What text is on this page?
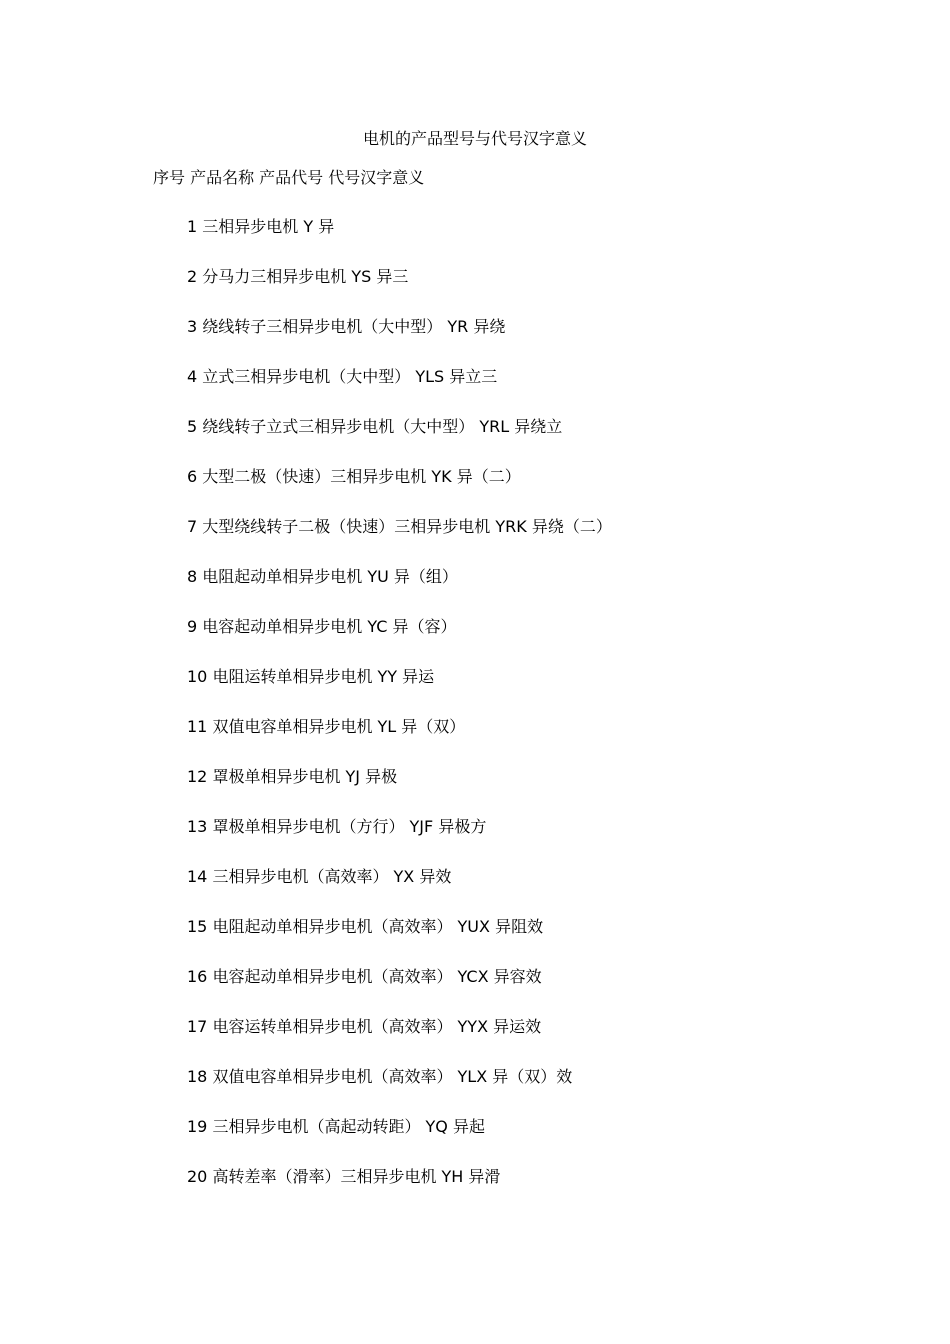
电机的产品型号与代号汉字意义
序号 产品名称 产品代号 代号汉字意义
1 三相异步电机 Y 异
2 分马力三相异步电机 YS 异三
3 绕线转子三相异步电机（大中型） YR 异绕
4 立式三相异步电机（大中型） YLS 异立三
5 绕线转子立式三相异步电机（大中型） YRL 异绕立
6 大型二极（快速）三相异步电机 YK 异（二）
7 大型绕线转子二极（快速）三相异步电机 YRK 异绕（二）
8 电阻起动单相异步电机 YU 异（组）
9 电容起动单相异步电机 YC 异（容）
10 电阻运转单相异步电机 YY 异运
11 双值电容单相异步电机 YL 异（双）
12 罩极单相异步电机 YJ 异极
13 罩极单相异步电机（方行） YJF 异极方
14 三相异步电机（高效率） YX 异效
15 电阻起动单相异步电机（高效率） YUX 异阻效
16 电容起动单相异步电机（高效率） YCX 异容效
17 电容运转单相异步电机（高效率） YYX 异运效
18 双值电容单相异步电机（高效率） YLX 异（双）效
19 三相异步电机（高起动转距） YQ 异起
20 高转差率（滑率）三相异步电机 YH 异滑
